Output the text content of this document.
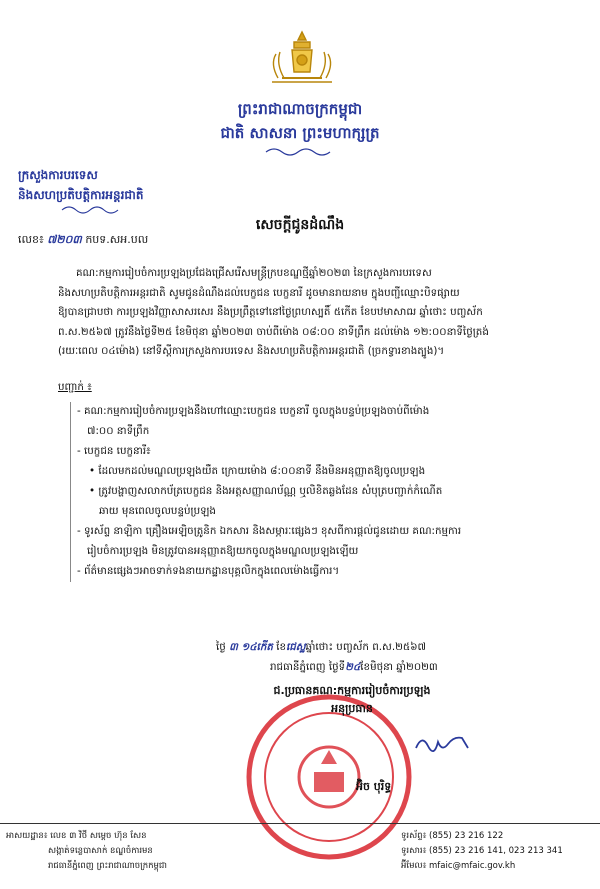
ព្រះរាជាណាចក្រកម្ពុជា
ជាតិ សាសនា ព្រះមហាក្សត្រ
ក្រសួងការបរទេស
និងសហប្រតិបត្តិការអន្តរជាតិ
លេខ៖ ៧២០៣ កបទ.សអ.បល
សេចក្តីជូនដំណឹង
គណ:កម្មការរៀបចំការប្រឡងប្រជែងជ្រើសរើសមន្ត្រីក្របខណ្ឌថ្មីឆ្នាំ២០២៣ នៃក្រសួងការបរទេស
និងសហប្រតិបត្តិការអន្តរជាតិ សូមជូនដំណឹងដល់បេក្ខជន បេក្ខនារី ដូចមានរាយនាម ក្នុងបញ្ជីឈ្មោះបិទផ្សាយ
ឱ្យបានជ្រាបថា ការប្រឡងវិញ្ញាសាសរសេរ នឹងប្រព្រឹត្តទៅនៅថ្ងៃព្រហស្បតិ៍ ៥កើត ខែបឋមាសាឍ ឆ្នាំថោះ បញ្ចស័ក
ព.ស.២៥៦៧ ត្រូវនឹងថ្ងៃទី២៥ ខែមិថុនា ឆ្នាំ២០២៣ ចាប់ពីម៉ោង ០៨:០០ នាទីព្រឹក ដល់ម៉ោង ១២:០០នាទីថ្ងៃត្រង់
(រយៈពេល ០៤ម៉ោង) នៅទីស្តីការក្រសួងការបរទេស និងសហប្រតិបត្តិការអន្តរជាតិ (ច្រកទ្វារខាងត្បូង)។
បញ្ជាក់ ៖

- គណ:កម្មការរៀបចំការប្រឡងនឹងហៅឈ្មោះបេក្ខជន បេក្ខនារី ចូលក្នុងបន្ទប់ប្រឡងចាប់ពីម៉ោង

៧:០០ នាទីព្រឹក

- បេក្ខជន បេក្ខនារី៖

• ដែលមកដល់មណ្ឌលប្រឡងយឺត ក្រោយម៉ោង ៨:០០នាទី នឹងមិនអនុញ្ញាតឱ្យចូលប្រឡង

• ត្រូវបង្ហាញសលាកប័ត្របេក្ខជន និងអត្តសញ្ញាណប័ណ្ណ ឬលិខិតឆ្លងដែន សំបុត្របញ្ជាក់កំណើត

ឆាយ មុនពេលចូលបន្ទប់ប្រឡង

- ទូរស័ព្ទ នាឡិកា គ្រឿងអេឡិចត្រូនិក ឯកសារ និងសម្ភារៈផ្សេងៗ ខុសពីការផ្តល់ជូនដោយ គណ:កម្មការ

រៀបចំការប្រឡង មិនត្រូវបានអនុញ្ញាតឱ្យយកចូលក្នុងមណ្ឌលប្រឡងឡើយ

- ព័ត៌មានផ្សេងៗអាចទាក់ទងនាយកដ្ឋានបុគ្គលិកក្នុងពេលម៉ោងធ្វើការ។

ថ្ងៃ ៣ ១៤កើត ខែជេស្ឋឆ្នាំថោះ បញ្ចស័ក ព.ស.២៥៦៧
រាជធានីភ្នំពេញ ថ្ងៃទី២៤ខែមិថុនា ឆ្នាំ២០២៣
ជ.ប្រធានគណ:កម្មការរៀបចំការប្រឡង
អនុប្រធាន
អ៊ិច បុរិទ្ធ
អាសយដ្ឋាន៖ លេខ ៣ វិថី សម្តេច ហ៊ុន សែន
សង្កាត់ទន្លេបាសាក់ ខណ្ឌចំការមន
រាជធានីភ្នំពេញ ព្រះរាជាណាចក្រកម្ពុជា
ទូរស័ព្ទ៖ (855) 23 216 122
ទូរសារ៖ (855) 23 216 141, 023 213 341
អ៊ីមែល៖ mfaic@mfaic.gov.kh
